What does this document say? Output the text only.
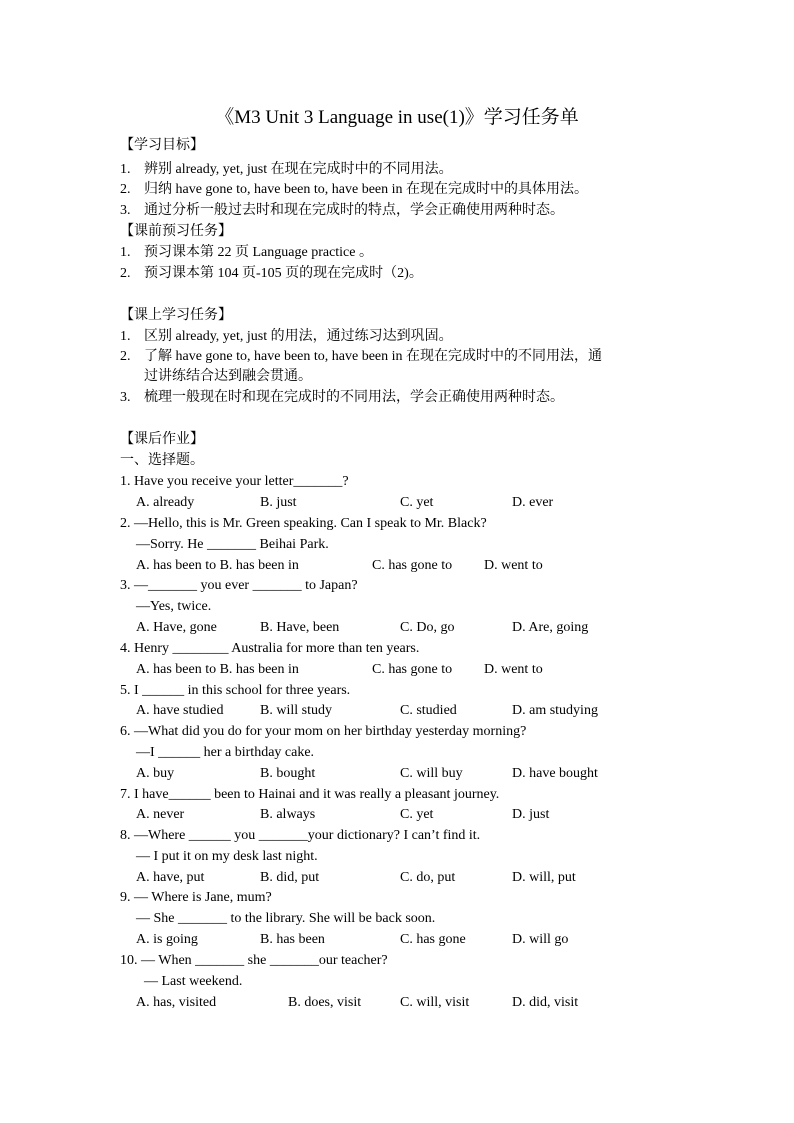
《M3 Unit 3 Language in use(1)》学习任务单
【学习目标】
1. 辨别 already, yet, just 在现在完成时中的不同用法。
2. 归纳 have gone to, have been to, have been in 在现在完成时中的具体用法。
3. 通过分析一般过去时和现在完成时的特点，学会正确使用两种时态。
【课前预习任务】
1. 预习课本第 22 页 Language practice 。
2. 预习课本第 104 页-105 页的现在完成时（2)。
【课上学习任务】
1. 区别 already, yet, just 的用法，通过练习达到巩固。
2. 了解 have gone to, have been to, have been in 在现在完成时中的不同用法，通
过讲练结合达到融会贯通。
3. 梳理一般现在时和现在完成时的不同用法，学会正确使用两种时态。
【课后作业】
一、选择题。
1. Have you receive your letter_______?
A. already	B. just	C. yet	D. ever
2. —Hello, this is Mr. Green speaking. Can I speak to Mr. Black?
—Sorry. He _______ Beihai Park.
A. has been to B. has been in	C. has gone to D. went to
3. —_______ you ever _______ to Japan?
—Yes, twice.
A. Have, gone	B. Have, been	C. Do, go	D. Are, going
4. Henry ________ Australia for more than ten years.
A. has been to B. has been in	C. has gone to D. went to
5. I ______ in this school for three years.
A. have studied	B. will study	C. studied	D. am studying
6. —What did you do for your mom on her birthday yesterday morning?
—I ______ her a birthday cake.
A. buy	B. bought	C. will buy	D. have bought
7. I have______ been to Hainai and it was really a pleasant journey.
A. never	B. always	C. yet	D. just
8. —Where ______ you _______your dictionary? I can’t find it.
— I put it on my desk last night.
A. have, put	B. did, put	C. do, put	D. will, put
9. — Where is Jane, mum?
— She _______ to the library. She will be back soon.
A. is going	B. has been	C. has gone	D. will go
10. — When _______ she _______our teacher?
— Last weekend.
A. has, visited	B. does, visit	C. will, visit	D. did, visit
